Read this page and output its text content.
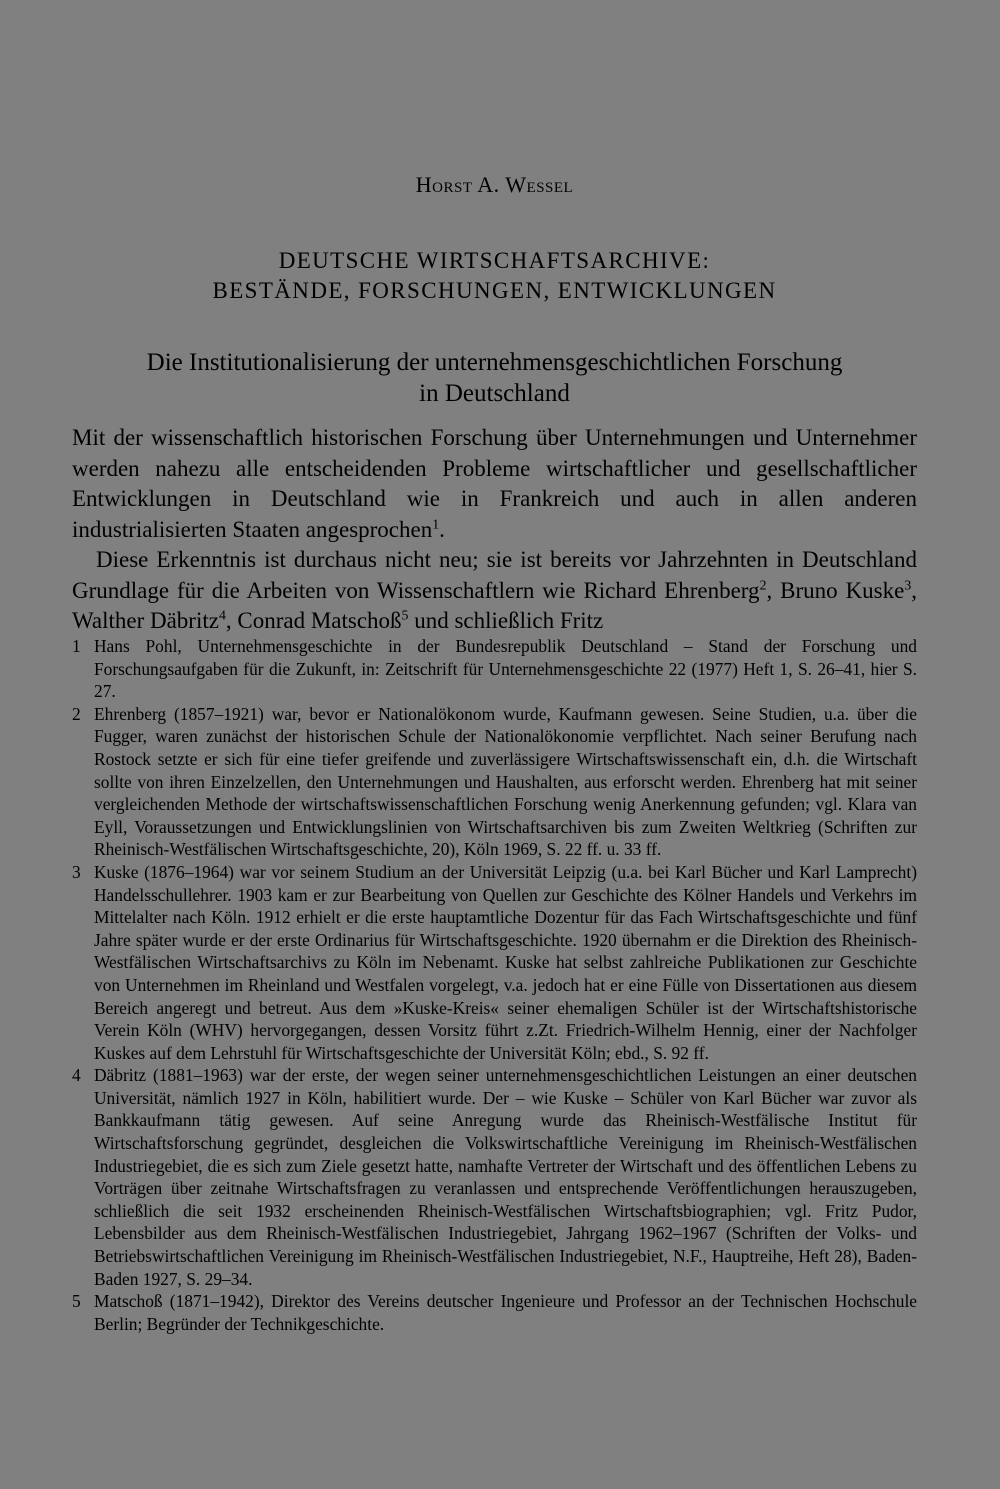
Horst A. Wessel
DEUTSCHE WIRTSCHAFTSARCHIVE:
BESTÄNDE, FORSCHUNGEN, ENTWICKLUNGEN
Die Institutionalisierung der unternehmensgeschichtlichen Forschung
in Deutschland

Mit der wissenschaftlich historischen Forschung über Unternehmungen und Unternehmer werden nahezu alle entscheidenden Probleme wirtschaftlicher und gesellschaftlicher Entwicklungen in Deutschland wie in Frankreich und auch in allen anderen industrialisierten Staaten angesprochen$^1$.

Diese Erkenntnis ist durchaus nicht neu; sie ist bereits vor Jahrzehnten in Deutschland Grundlage für die Arbeiten von Wissenschaftlern wie Richard Ehrenberg$^2$, Bruno Kuske$^3$, Walther Däbritz$^4$, Conrad Matschoß$^5$ und schließlich Fritz

1 Hans Pohl, Unternehmensgeschichte in der Bundesrepublik Deutschland – Stand der Forschung und Forschungsaufgaben für die Zukunft, in: Zeitschrift für Unternehmensgeschichte 22 (1977) Heft 1, S. 26–41, hier S. 27.
2 Ehrenberg (1857–1921) war, bevor er Nationalökonom wurde, Kaufmann gewesen. Seine Studien, u.a. über die Fugger, waren zunächst der historischen Schule der Nationalökonomie verpflichtet. Nach seiner Berufung nach Rostock setzte er sich für eine tiefer greifende und zuverlässigere Wirtschaftswissenschaft ein, d.h. die Wirtschaft sollte von ihren Einzelzellen, den Unternehmungen und Haushalten, aus erforscht werden. Ehrenberg hat mit seiner vergleichenden Methode der wirtschaftswissenschaftlichen Forschung wenig Anerkennung gefunden; vgl. Klara van Eyll, Voraussetzungen und Entwicklungslinien von Wirtschaftsarchiven bis zum Zweiten Weltkrieg (Schriften zur Rheinisch-Westfälischen Wirtschaftsgeschichte, 20), Köln 1969, S. 22 ff. u. 33 ff.
3 Kuske (1876–1964) war vor seinem Studium an der Universität Leipzig (u.a. bei Karl Bücher und Karl Lamprecht) Handelsschullehrer. 1903 kam er zur Bearbeitung von Quellen zur Geschichte des Kölner Handels und Verkehrs im Mittelalter nach Köln. 1912 erhielt er die erste hauptamtliche Dozentur für das Fach Wirtschaftsgeschichte und fünf Jahre später wurde er der erste Ordinarius für Wirtschaftsgeschichte. 1920 übernahm er die Direktion des Rheinisch-Westfälischen Wirtschaftsarchivs zu Köln im Nebenamt. Kuske hat selbst zahlreiche Publikationen zur Geschichte von Unternehmen im Rheinland und Westfalen vorgelegt, v.a. jedoch hat er eine Fülle von Dissertationen aus diesem Bereich angeregt und betreut. Aus dem »Kuske-Kreis« seiner ehemaligen Schüler ist der Wirtschaftshistorische Verein Köln (WHV) hervorgegangen, dessen Vorsitz führt z.Zt. Friedrich-Wilhelm Hennig, einer der Nachfolger Kuskes auf dem Lehrstuhl für Wirtschaftsgeschichte der Universität Köln; ebd., S. 92 ff.
4 Däbritz (1881–1963) war der erste, der wegen seiner unternehmensgeschichtlichen Leistungen an einer deutschen Universität, nämlich 1927 in Köln, habilitiert wurde. Der – wie Kuske – Schüler von Karl Bücher war zuvor als Bankkaufmann tätig gewesen. Auf seine Anregung wurde das Rheinisch-Westfälische Institut für Wirtschaftsforschung gegründet, desgleichen die Volkswirtschaftliche Vereinigung im Rheinisch-Westfälischen Industriegebiet, die es sich zum Ziele gesetzt hatte, namhafte Vertreter der Wirtschaft und des öffentlichen Lebens zu Vorträgen über zeitnahe Wirtschaftsfragen zu veranlassen und entsprechende Veröffentlichungen herauszugeben, schließlich die seit 1932 erscheinenden Rheinisch-Westfälischen Wirtschaftsbiographien; vgl. Fritz Pudor, Lebensbilder aus dem Rheinisch-Westfälischen Industriegebiet, Jahrgang 1962–1967 (Schriften der Volks- und Betriebswirtschaftlichen Vereinigung im Rheinisch-Westfälischen Industriegebiet, N.F., Hauptreihe, Heft 28), Baden-Baden 1927, S. 29–34.
5 Matschoß (1871–1942), Direktor des Vereins deutscher Ingenieure und Professor an der Technischen Hochschule Berlin; Begründer der Technikgeschichte.
